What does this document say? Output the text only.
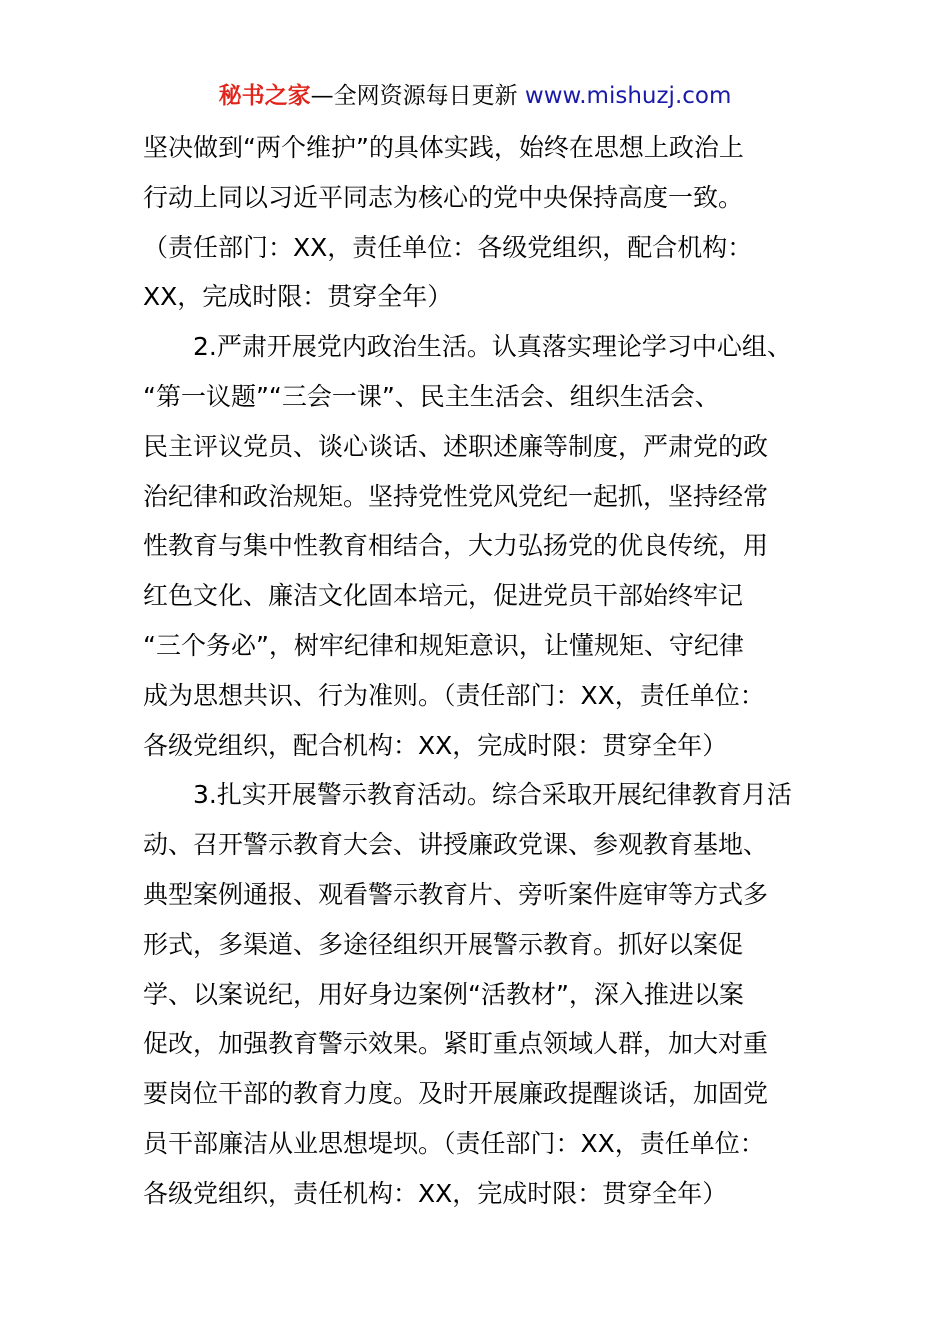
秘书之家—全网资源每日更新 www.mishuzj.com
坚决做到“两个维护”的具体实践，始终在思想上政治上
行动上同以习近平同志为核心的党中央保持高度一致。
（责任部门：XX，责任单位：各级党组织，配合机构：
XX，完成时限：贯穿全年）
2.严肃开展党内政治生活。认真落实理论学习中心组、
“第一议题”“三会一课”、民主生活会、组织生活会、
民主评议党员、谈心谈话、述职述廉等制度，严肃党的政
治纪律和政治规矩。坚持党性党风党纪一起抓，坚持经常
性教育与集中性教育相结合，大力弘扬党的优良传统，用
红色文化、廉洁文化固本培元，促进党员干部始终牢记
“三个务必”，树牢纪律和规矩意识，让懂规矩、守纪律
成为思想共识、行为准则。（责任部门：XX，责任单位：
各级党组织，配合机构：XX，完成时限：贯穿全年）
3.扎实开展警示教育活动。综合采取开展纪律教育月活
动、召开警示教育大会、讲授廉政党课、参观教育基地、
典型案例通报、观看警示教育片、旁听案件庭审等方式多
形式，多渠道、多途径组织开展警示教育。抓好以案促
学、以案说纪，用好身边案例“活教材”，深入推进以案
促改，加强教育警示效果。紧盯重点领域人群，加大对重
要岗位干部的教育力度。及时开展廉政提醒谈话，加固党
员干部廉洁从业思想堤坝。（责任部门：XX，责任单位：
各级党组织，责任机构：XX，完成时限：贯穿全年）
